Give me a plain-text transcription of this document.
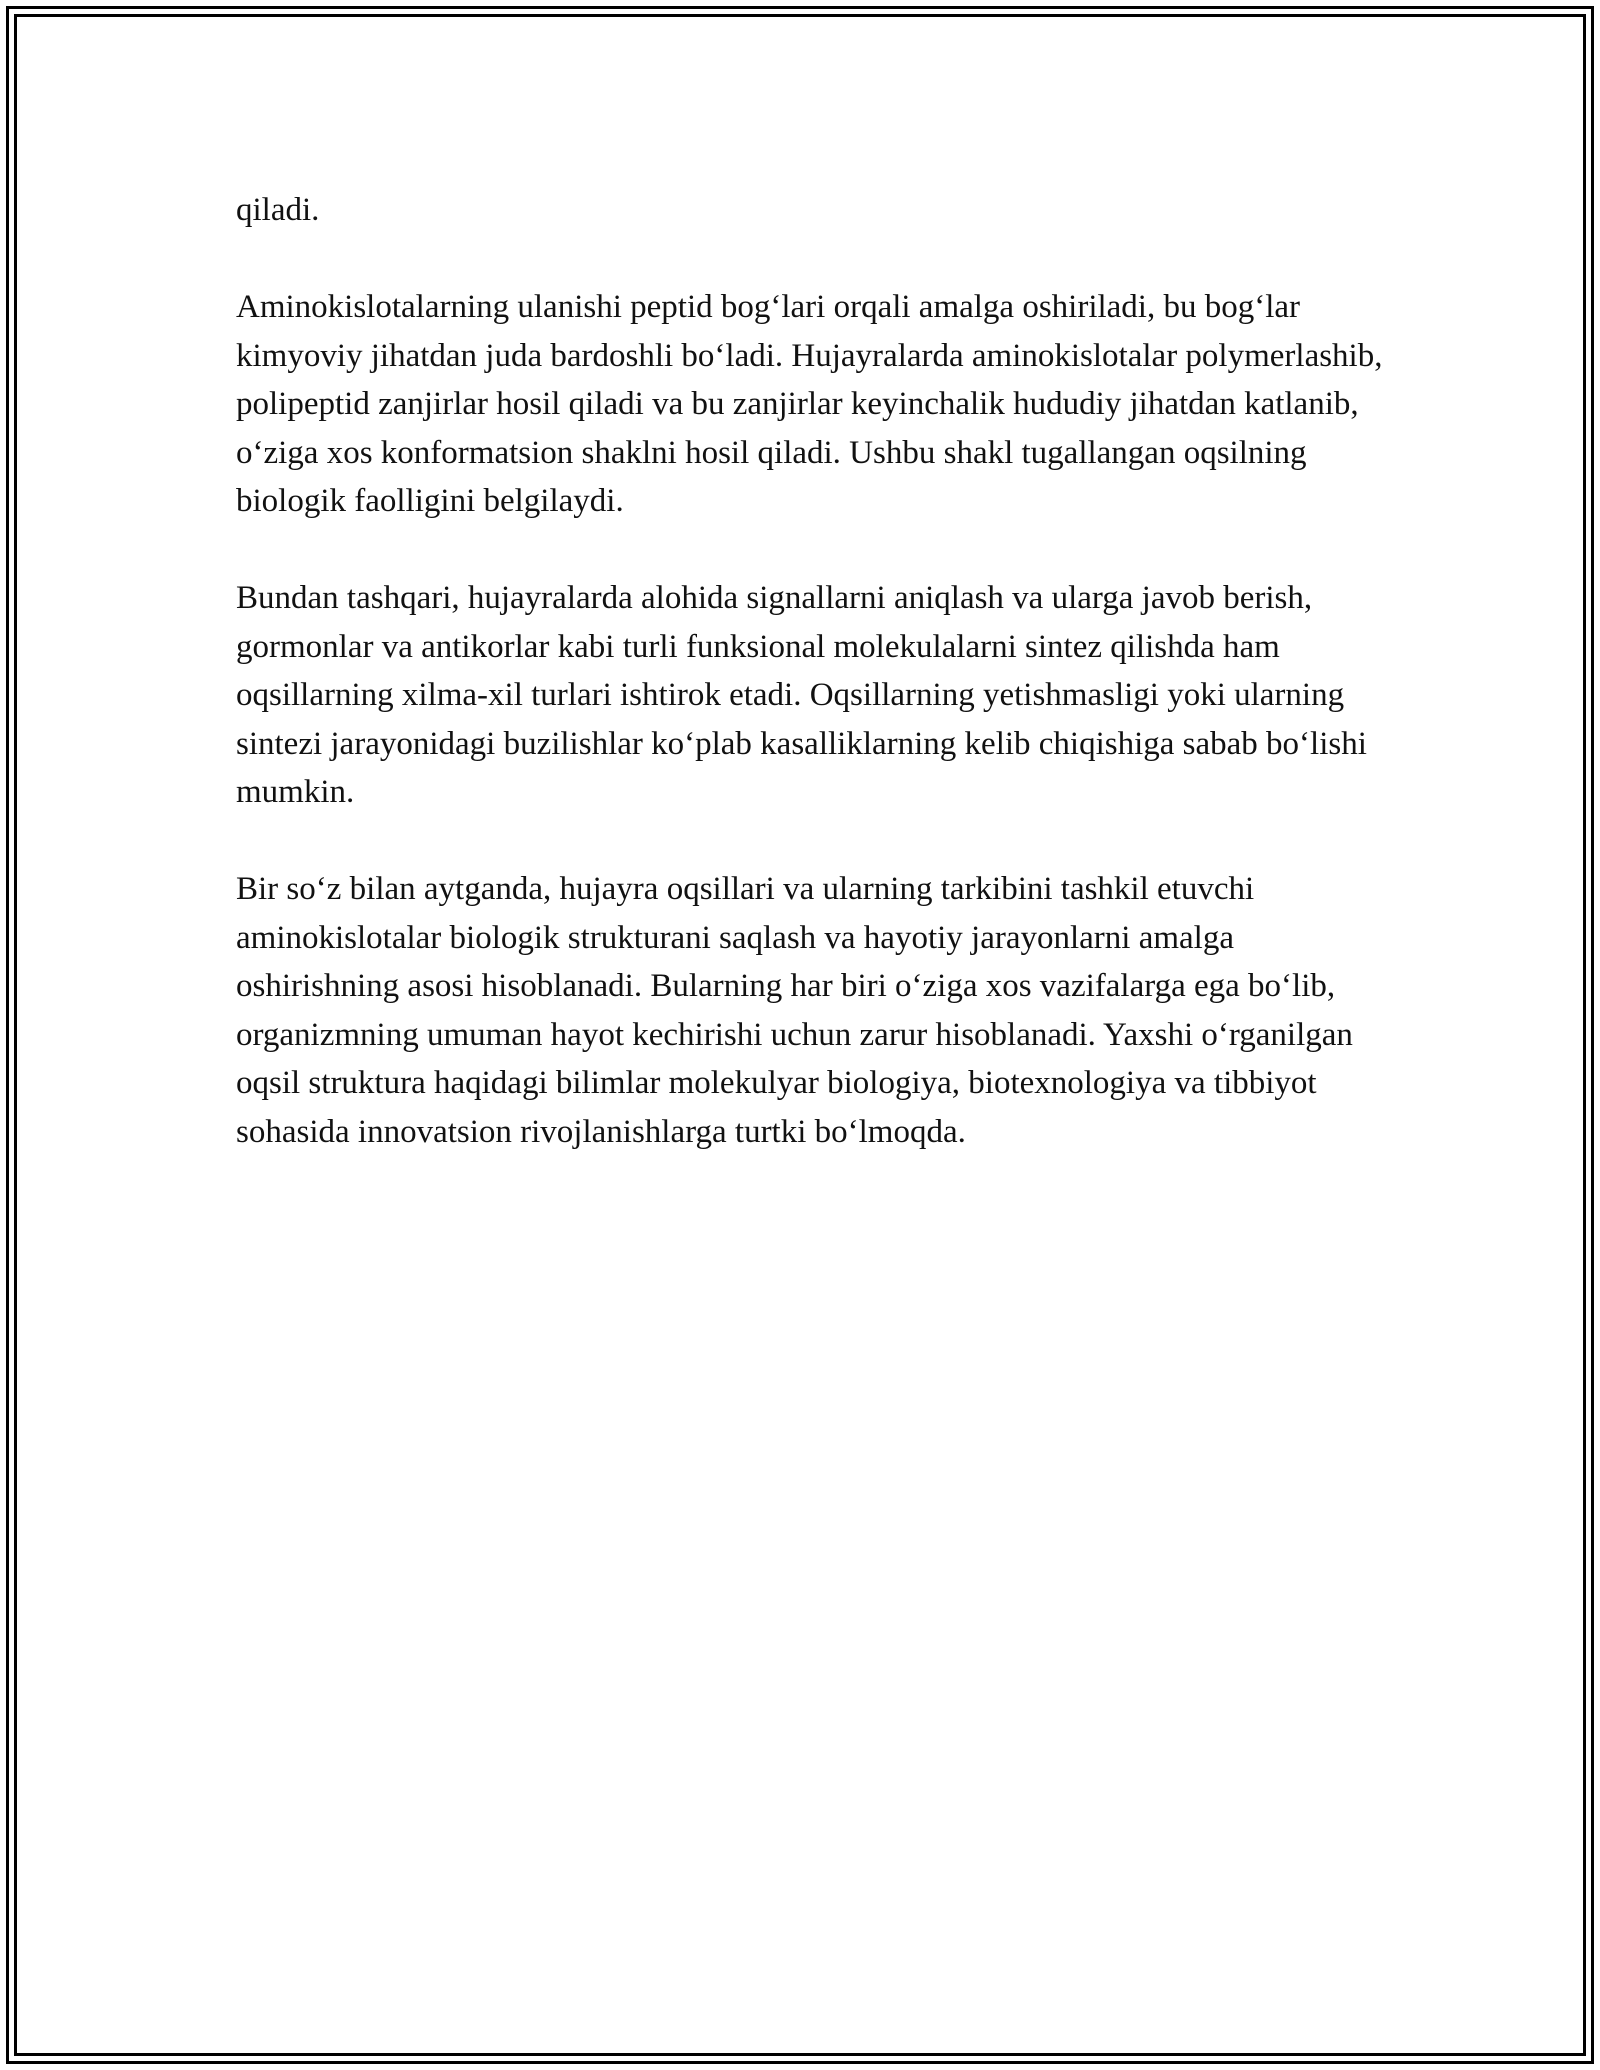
qiladi.

Aminokislotalarning ulanishi peptid bog‘lari orqali amalga oshiriladi, bu bog‘lar kimyoviy jihatdan juda bardoshli bo‘ladi. Hujayralarda aminokislotalar polymerlashib, polipeptid zanjirlar hosil qiladi va bu zanjirlar keyinchalik hududiy jihatdan katlanib, o‘ziga xos konformatsion shaklni hosil qiladi. Ushbu shakl tugallangan oqsilning biologik faolligini belgilaydi.

Bundan tashqari, hujayralarda alohida signallarni aniqlash va ularga javob berish, gormonlar va antikorlar kabi turli funksional molekulalarni sintez qilishda ham oqsillarning xilma-xil turlari ishtirok etadi. Oqsillarning yetishmasligi yoki ularning sintezi jarayonidagi buzilishlar ko‘plab kasalliklarning kelib chiqishiga sabab bo‘lishi mumkin.

Bir so‘z bilan aytganda, hujayra oqsillari va ularning tarkibini tashkil etuvchi aminokislotalar biologik strukturani saqlash va hayotiy jarayonlarni amalga oshirishning asosi hisoblanadi. Bularning har biri o‘ziga xos vazifalarga ega bo‘lib, organizmning umuman hayot kechirishi uchun zarur hisoblanadi. Yaxshi o‘rganilgan oqsil struktura haqidagi bilimlar molekulyar biologiya, biotexnologiya va tibbiyot sohasida innovatsion rivojlanishlarga turtki bo‘lmoqda.
